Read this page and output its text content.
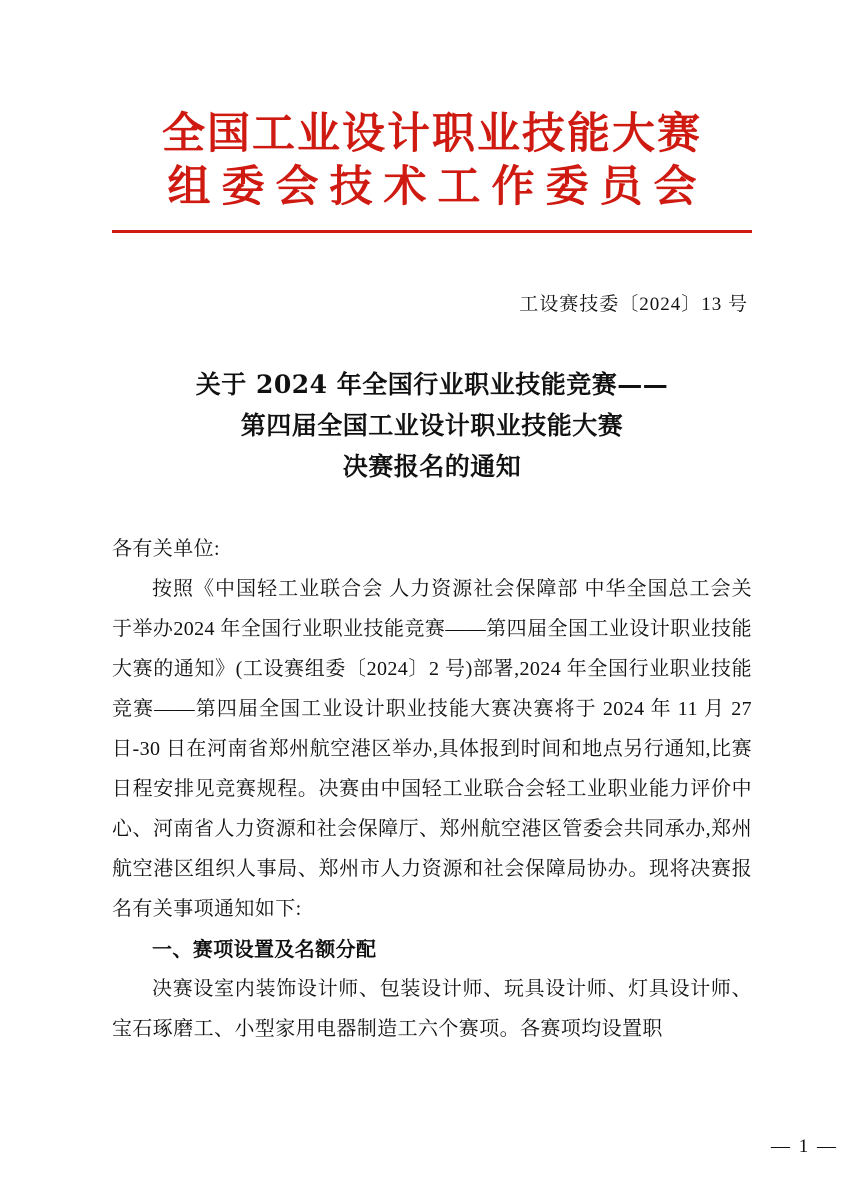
全国工业设计职业技能大赛
组委会技术工作委员会
工设赛技委〔2024〕13 号
关于 2024 年全国行业职业技能竞赛——
第四届全国工业设计职业技能大赛
决赛报名的通知

各有关单位:

按照《中国轻工业联合会 人力资源社会保障部 中华全国总工会关于举办2024 年全国行业职业技能竞赛——第四届全国工业设计职业技能大赛的通知》(工设赛组委〔2024〕2 号)部署,2024 年全国行业职业技能竞赛——第四届全国工业设计职业技能大赛决赛将于 2024 年 11 月 27 日-30 日在河南省郑州航空港区举办,具体报到时间和地点另行通知,比赛日程安排见竞赛规程。决赛由中国轻工业联合会轻工业职业能力评价中心、河南省人力资源和社会保障厅、郑州航空港区管委会共同承办,郑州航空港区组织人事局、郑州市人力资源和社会保障局协办。现将决赛报名有关事项通知如下:

一、赛项设置及名额分配

决赛设室内装饰设计师、包装设计师、玩具设计师、灯具设计师、宝石琢磨工、小型家用电器制造工六个赛项。各赛项均设置职

— 1 —
